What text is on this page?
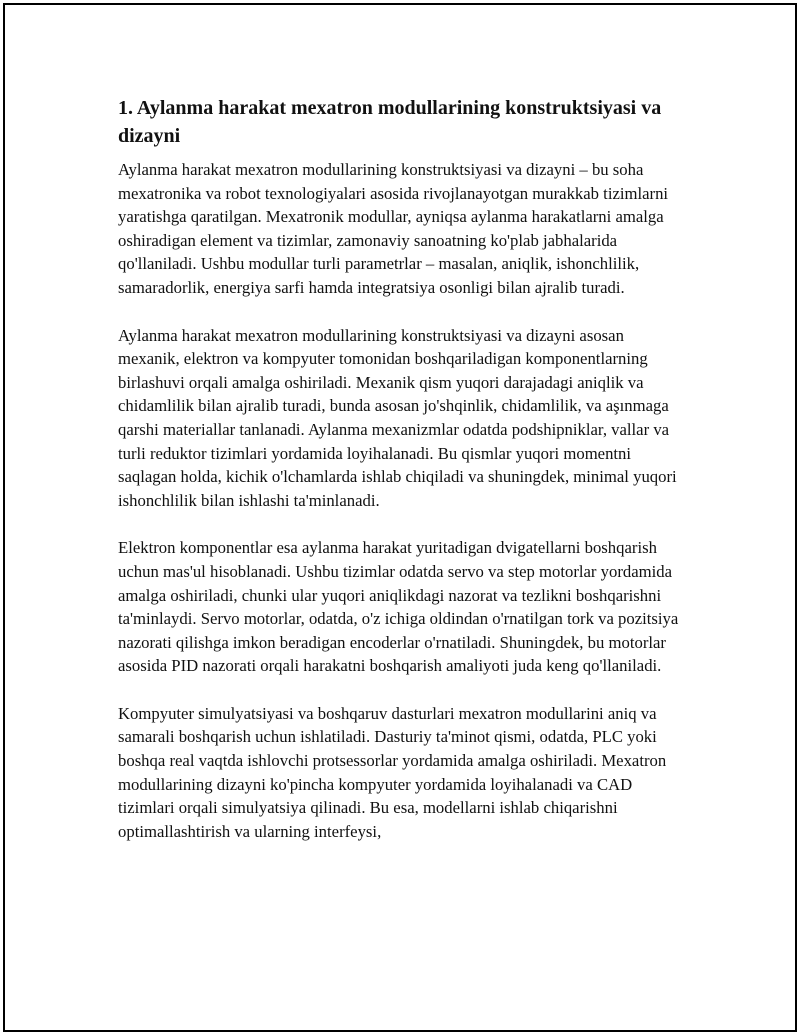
1. Aylanma harakat mexatron modullarining konstruktsiyasi va dizayni

Aylanma harakat mexatron modullarining konstruktsiyasi va dizayni – bu soha mexatronika va robot texnologiyalari asosida rivojlanayotgan murakkab tizimlarni yaratishga qaratilgan. Mexatronik modullar, ayniqsa aylanma harakatlarni amalga oshiradigan element va tizimlar, zamonaviy sanoatning ko'plab jabhalarida qo'llaniladi. Ushbu modullar turli parametrlar – masalan, aniqlik, ishonchlilik, samaradorlik, energiya sarfi hamda integratsiya osonligi bilan ajralib turadi.

Aylanma harakat mexatron modullarining konstruktsiyasi va dizayni asosan mexanik, elektron va kompyuter tomonidan boshqariladigan komponentlarning birlashuvi orqali amalga oshiriladi. Mexanik qism yuqori darajadagi aniqlik va chidamlilik bilan ajralib turadi, bunda asosan jo'shqinlik, chidamlilik, va aşınmaga qarshi materiallar tanlanadi. Aylanma mexanizmlar odatda podshipniklar, vallar va turli reduktor tizimlari yordamida loyihalanadi. Bu qismlar yuqori momentni saqlagan holda, kichik o'lchamlarda ishlab chiqiladi va shuningdek, minimal yuqori ishonchlilik bilan ishlashi ta'minlanadi.

Elektron komponentlar esa aylanma harakat yuritadigan dvigatellarni boshqarish uchun mas'ul hisoblanadi. Ushbu tizimlar odatda servo va step motorlar yordamida amalga oshiriladi, chunki ular yuqori aniqlikdagi nazorat va tezlikni boshqarishni ta'minlaydi. Servo motorlar, odatda, o'z ichiga oldindan o'rnatilgan tork va pozitsiya nazorati qilishga imkon beradigan encoderlar o'rnatiladi. Shuningdek, bu motorlar asosida PID nazorati orqali harakatni boshqarish amaliyoti juda keng qo'llaniladi.

Kompyuter simulyatsiyasi va boshqaruv dasturlari mexatron modullarini aniq va samarali boshqarish uchun ishlatiladi. Dasturiy ta'minot qismi, odatda, PLC yoki boshqa real vaqtda ishlovchi protsessorlar yordamida amalga oshiriladi. Mexatron modullarining dizayni ko'pincha kompyuter yordamida loyihalanadi va CAD tizimlari orqali simulyatsiya qilinadi. Bu esa, modellarni ishlab chiqarishni optimallashtirish va ularning interfeysi,
